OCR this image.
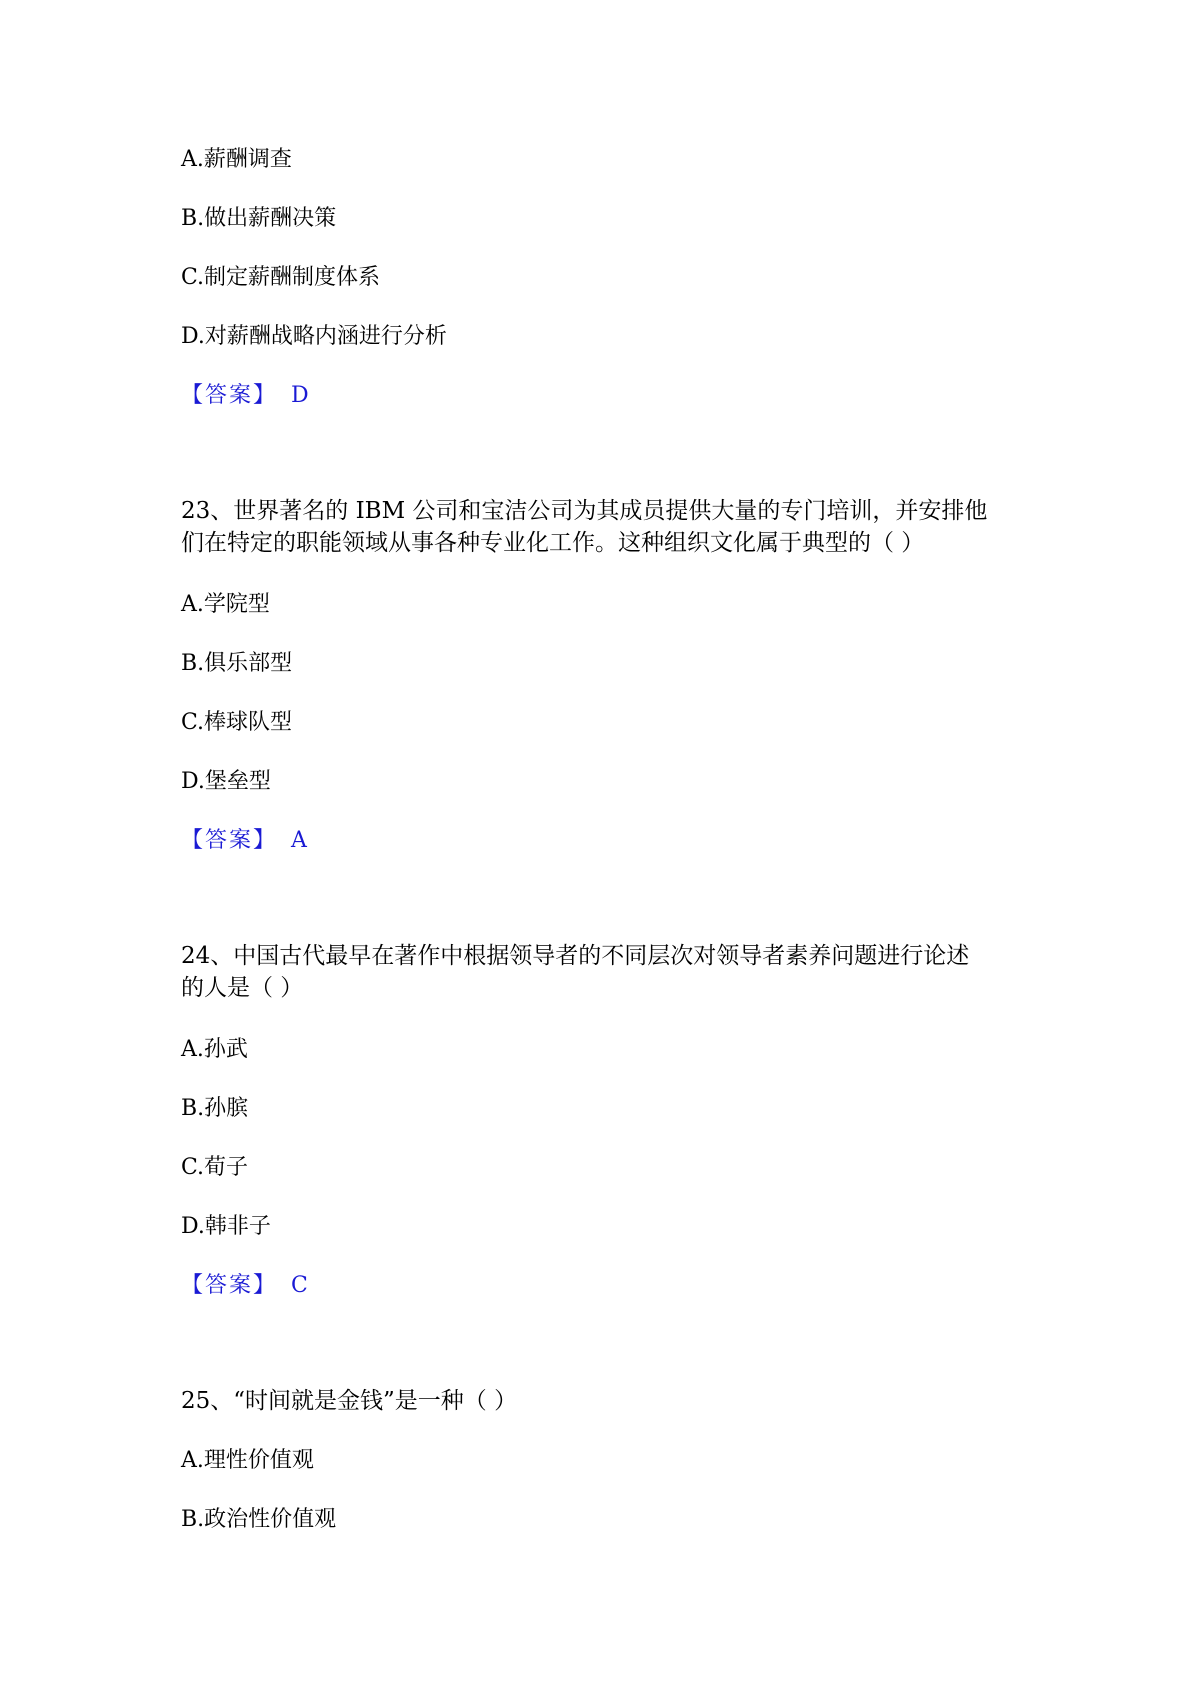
A.薪酬调查
B.做出薪酬决策
C.制定薪酬制度体系
D.对薪酬战略内涵进行分析
【答案】 D
23、世界著名的 IBM 公司和宝洁公司为其成员提供大量的专门培训，并安排他
们在特定的职能领域从事各种专业化工作。这种组织文化属于典型的（ ）
A.学院型
B.俱乐部型
C.棒球队型
D.堡垒型
【答案】 A
24、中国古代最早在著作中根据领导者的不同层次对领导者素养问题进行论述
的人是（ ）
A.孙武
B.孙膑
C.荀子
D.韩非子
【答案】 C
25、“时间就是金钱”是一种（ ）
A.理性价值观
B.政治性价值观
